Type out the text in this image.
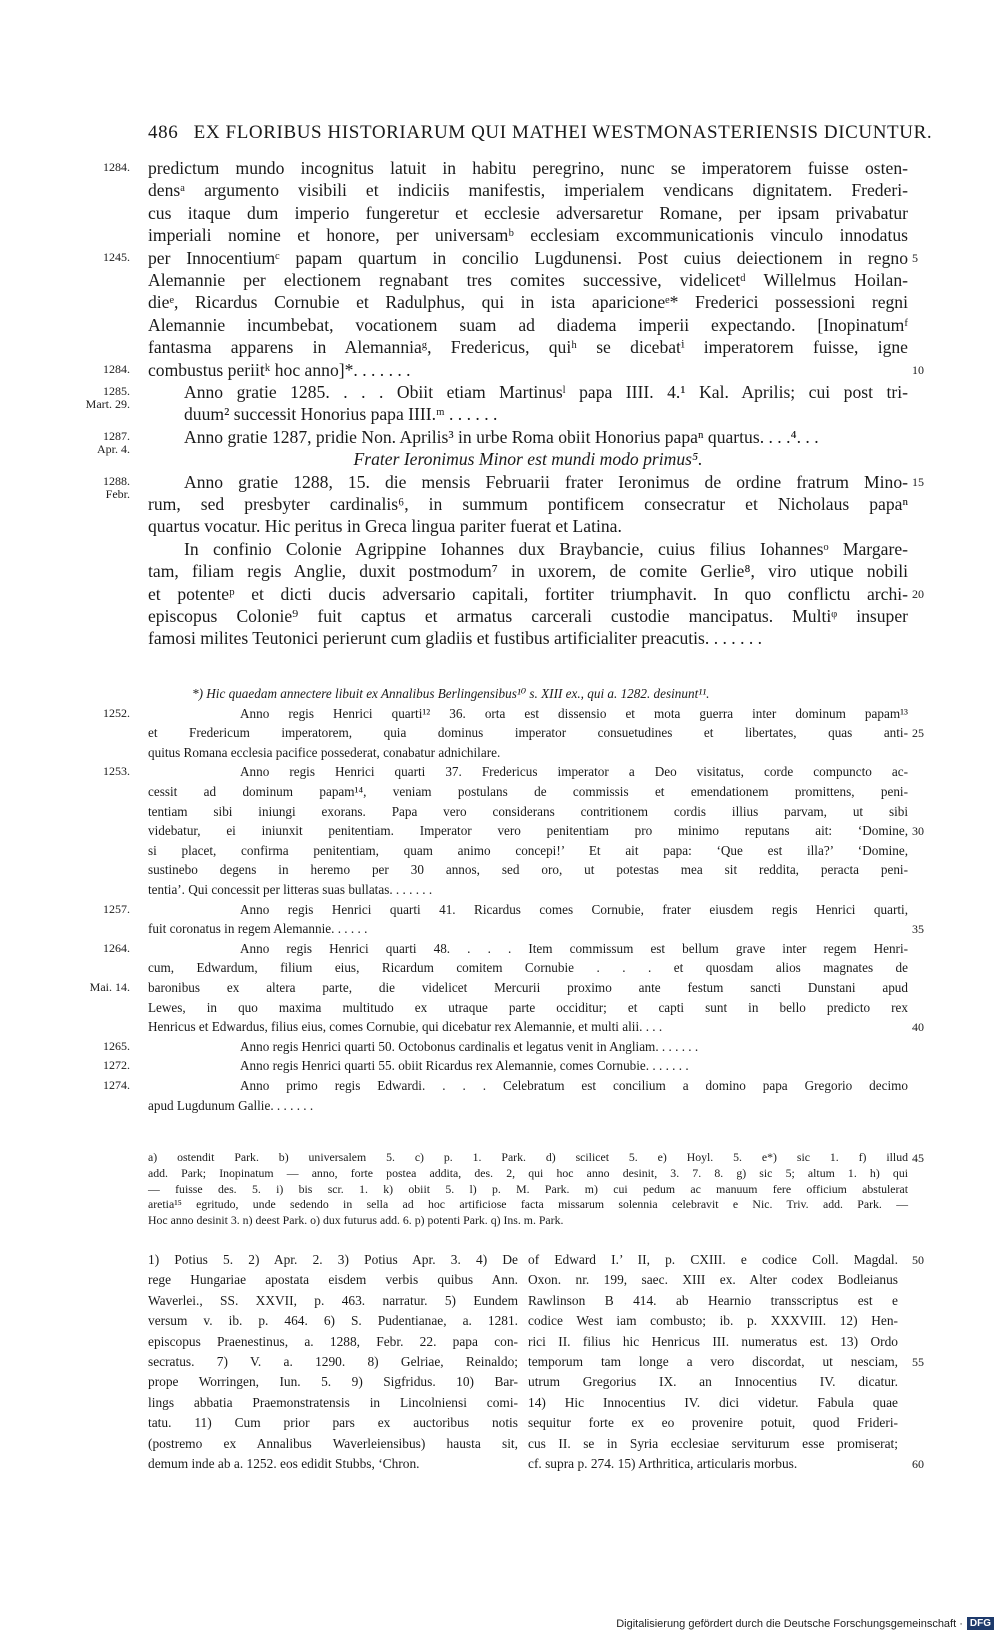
486 EX FLORIBUS HISTORIARUM QUI MATHEI WESTMONASTERIENSIS DICUNTUR.
predictum mundo incognitus latuit in habitu peregrino, nunc se imperatorem fuisse osten-
densᵃ argumento visibili et indiciis manifestis, imperialem vendicans dignitatem. Frederi-
cus itaque dum imperio fungeretur et ecclesie adversaretur Romane, per ipsam privabatur
imperiali nomine et honore, per universamᵇ ecclesiam excommunicationis vinculo innodatus
per Innocentiumᶜ papam quartum in concilio Lugdunensi. Post cuius deiectionem in regno
Alemannie per electionem regnabant tres comites successive, videlicetᵈ Willelmus Hoilan-
dieᵉ, Ricardus Cornubie et Radulphus, qui in ista aparicioneᵉ* Frederici possessioni regni
Alemannie incumbebat, vocationem suam ad diadema imperii expectando. [Inopinatumᶠ
fantasma apparens in Alemanniaᵍ, Fredericus, quiʰ se dicebatⁱ imperatorem fuisse, igne
combustus periitᵏ hoc anno]*. . . . . . .
Anno gratie 1285. . . . Obiit etiam Martinusˡ papa IIII. 4.¹ Kal. Aprilis; cui post tri-
duum² successit Honorius papa IIII.ᵐ . . . . . .
Anno gratie 1287, pridie Non. Aprilis³ in urbe Roma obiit Honorius papaⁿ quartus. . . .⁴. . .
Frater Ieronimus Minor est mundi modo primus⁵.
Anno gratie 1288, 15. die mensis Februarii frater Ieronimus de ordine fratrum Mino-
rum, sed presbyter cardinalis⁶, in summum pontificem consecratur et Nicholaus papaⁿ
quartus vocatur. Hic peritus in Greca lingua pariter fuerat et Latina.
In confinio Colonie Agrippine Iohannes dux Braybancie, cuius filius Iohannesᵒ Margare-
tam, filiam regis Anglie, duxit postmodum⁷ in uxorem, de comite Gerlie⁸, viro utique nobili
et potenteᵖ et dicti ducis adversario capitali, fortiter triumphavit. In quo conflictu archi-
episcopus Colonie⁹ fuit captus et armatus carcerali custodie mancipatus. Multiᵠ insuper
famosi milites Teutonici perierunt cum gladiis et fustibus artificialiter preacutis. . . . . . .
*) Hic quaedam annectere libuit ex Annalibus Berlingensibus¹⁰ s. XIII ex., qui a. 1282. desinunt¹¹.
Anno regis Henrici quarti¹² 36. orta est dissensio et mota guerra inter dominum papam¹³
et Fredericum imperatorem, quia dominus imperator consuetudines et libertates, quas anti-
quitus Romana ecclesia pacifice possederat, conabatur adnichilare.
Anno regis Henrici quarti 37. Fredericus imperator a Deo visitatus, corde compuncto ac-
cessit ad dominum papam¹⁴, veniam postulans de commissis et emendationem promittens, peni-
tentiam sibi iniungi exorans. Papa vero considerans contritionem cordis illius parvam, ut sibi
videbatur, ei iniunxit penitentiam. Imperator vero penitentiam pro minimo reputans ait: ‘Domine,
si placet, confirma penitentiam, quam animo concepi!’ Et ait papa: ‘Que est illa?’ ‘Domine,
sustinebo degens in heremo per 30 annos, sed oro, ut potestas mea sit reddita, peracta peni-
tentia’. Qui concessit per litteras suas bullatas. . . . . . .
Anno regis Henrici quarti 41. Ricardus comes Cornubie, frater eiusdem regis Henrici quarti,
fuit coronatus in regem Alemannie. . . . . .
Anno regis Henrici quarti 48. . . . Item commissum est bellum grave inter regem Henri-
cum, Edwardum, filium eius, Ricardum comitem Cornubie . . . et quosdam alios magnates de
baronibus ex altera parte, die videlicet Mercurii proximo ante festum sancti Dunstani apud
Lewes, in quo maxima multitudo ex utraque parte occiditur; et capti sunt in bello predicto rex
Henricus et Edwardus, filius eius, comes Cornubie, qui dicebatur rex Alemannie, et multi alii. . . .
Anno regis Henrici quarti 50. Octobonus cardinalis et legatus venit in Angliam. . . . . . .
Anno regis Henrici quarti 55. obiit Ricardus rex Alemannie, comes Cornubie. . . . . . .
Anno primo regis Edwardi. . . . Celebratum est concilium a domino papa Gregorio decimo
apud Lugdunum Gallie. . . . . . .
a) ostendit Park. b) universalem 5. c) p. 1. Park. d) scilicet 5. e) Hoyl. 5. e*) sic 1. f) illud
add. Park; Inopinatum — anno, forte postea addita, des. 2, qui hoc anno desinit, 3. 7. 8. g) sic 5; altum 1. h) qui
— fuisse des. 5. i) bis scr. 1. k) obiit 5. l) p. M. Park. m) cui pedum ac manuum fere officium abstulerat
aretia¹⁵ egritudo, unde sedendo in sella ad hoc artificiose facta missarum solennia celebravit e Nic. Triv. add. Park. —
Hoc anno desinit 3. n) deest Park. o) dux futurus add. 6. p) potenti Park. q) Ins. m. Park.
1) Potius 5. 2) Apr. 2. 3) Potius Apr. 3. 4) De
rege Hungariae apostata eisdem verbis quibus Ann.
Waverlei., SS. XXVII, p. 463. narratur. 5) Eundem
versum v. ib. p. 464. 6) S. Pudentianae, a. 1281.
episcopus Praenestinus, a. 1288, Febr. 22. papa con-
secratus. 7) V. a. 1290. 8) Gelriae, Reinaldo;
prope Worringen, Iun. 5. 9) Sigfridus. 10) Bar-
lings abbatia Praemonstratensis in Lincolniensi comi-
tatu. 11) Cum prior pars ex auctoribus notis
(postremo ex Annalibus Waverleiensibus) hausta sit,
demum inde ab a. 1252. eos edidit Stubbs, ‘Chron.
of Edward I.’ II, p. CXIII. e codice Coll. Magdal.
Oxon. nr. 199, saec. XIII ex. Alter codex Bodleianus
Rawlinson B 414. ab Hearnio transscriptus est e
codice West iam combusto; ib. p. XXXVIII. 12) Hen-
rici II. filius hic Henricus III. numeratus est. 13) Ordo
temporum tam longe a vero discordat, ut nesciam,
utrum Gregorius IX. an Innocentius IV. dicatur.
14) Hic Innocentius IV. dici videtur. Fabula quae
sequitur forte ex eo provenire potuit, quod Frideri-
cus II. se in Syria ecclesiae serviturum esse promiserat;
cf. supra p. 274. 15) Arthritica, articularis morbus.
Digitalisierung gefördert durch die Deutsche Forschungsgemeinschaft · DFG
1284.
1245.
1284.
1285.
Mart. 29.
1287.
Apr. 4.
1288.
Febr.
5
10
15
20
1252.
1253.
1257.
1264.
Mai. 14.
1265.
1272.
1274.
25
30
35
40
45
50
55
60
